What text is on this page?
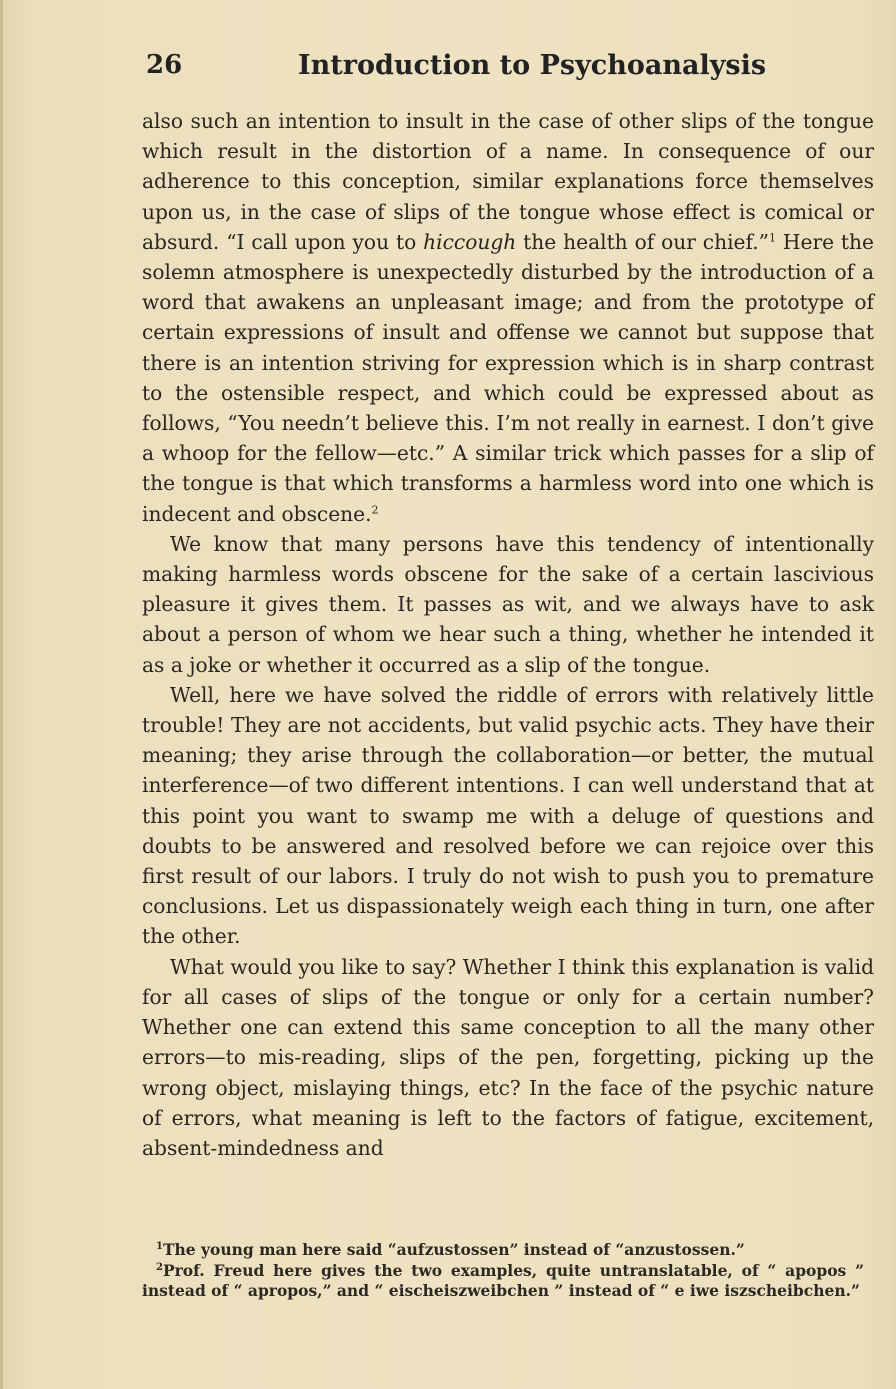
26	Introduction to Psychoanalysis

also such an intention to insult in the case of other slips of the tongue which result in the distortion of a name. In consequence of our adherence to this conception, similar explanations force themselves upon us, in the case of slips of the tongue whose effect is comical or absurd. “I call upon you to hiccough the health of our chief.”$^1$ Here the solemn atmosphere is unexpectedly disturbed by the introduction of a word that awakens an unpleasant image; and from the prototype of certain expressions of insult and offense we cannot but suppose that there is an intention striving for expression which is in sharp contrast to the ostensible respect, and which could be expressed about as follows, “You needn’t believe this. I’m not really in earnest. I don’t give a whoop for the fellow—etc.” A similar trick which passes for a slip of the tongue is that which transforms a harmless word into one which is indecent and obscene.$^2$

We know that many persons have this tendency of intentionally making harmless words obscene for the sake of a certain lascivious pleasure it gives them. It passes as wit, and we always have to ask about a person of whom we hear such a thing, whether he intended it as a joke or whether it occurred as a slip of the tongue.

Well, here we have solved the riddle of errors with relatively little trouble! They are not accidents, but valid psychic acts. They have their meaning; they arise through the collaboration—or better, the mutual interference—of two different intentions. I can well understand that at this point you want to swamp me with a deluge of questions and doubts to be answered and resolved before we can rejoice over this first result of our labors. I truly do not wish to push you to premature conclusions. Let us dispassionately weigh each thing in turn, one after the other.

What would you like to say? Whether I think this explanation is valid for all cases of slips of the tongue or only for a certain number? Whether one can extend this same conception to all the many other errors—to mis-reading, slips of the pen, forgetting, picking up the wrong object, mislaying things, etc? In the face of the psychic nature of errors, what meaning is left to the factors of fatigue, excitement, absent-mindedness and

$^1$The young man here said “aufzustossen” instead of “anzustossen.”

$^2$Prof. Freud here gives the two examples, quite untranslatable, of “ apopos ” instead of “ apropos,” and “ eischeiszweibchen ” instead of “ e iwe iszscheibchen.”
